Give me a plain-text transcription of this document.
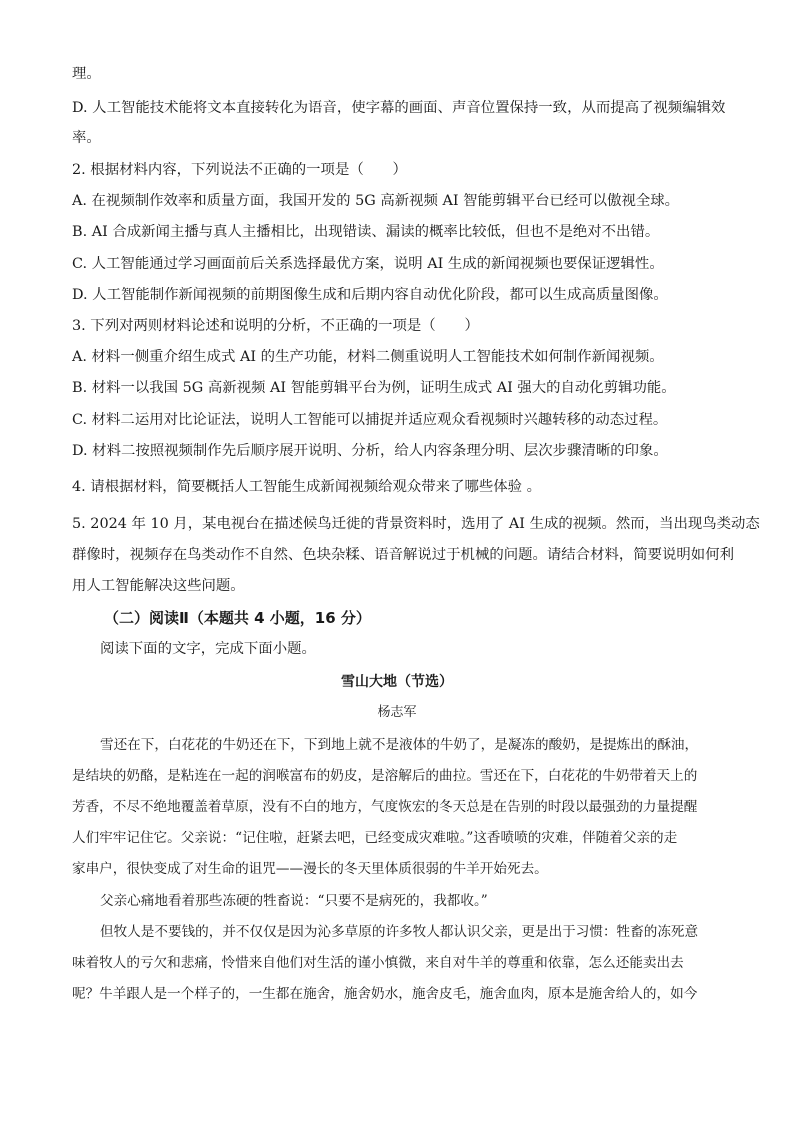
理。
D. 人工智能技术能将文本直接转化为语音，使字幕的画面、声音位置保持一致，从而提高了视频编辑效
率。
2. 根据材料内容，下列说法不正确的一项是（　　）
A. 在视频制作效率和质量方面，我国开发的 5G 高新视频 AI 智能剪辑平台已经可以傲视全球。
B. AI 合成新闻主播与真人主播相比，出现错读、漏读的概率比较低，但也不是绝对不出错。
C. 人工智能通过学习画面前后关系选择最优方案，说明 AI 生成的新闻视频也要保证逻辑性。
D. 人工智能制作新闻视频的前期图像生成和后期内容自动优化阶段，都可以生成高质量图像。
3. 下列对两则材料论述和说明的分析，不正确的一项是（　　）
A. 材料一侧重介绍生成式 AI 的生产功能，材料二侧重说明人工智能技术如何制作新闻视频。
B. 材料一以我国 5G 高新视频 AI 智能剪辑平台为例，证明生成式 AI 强大的自动化剪辑功能。
C. 材料二运用对比论证法，说明人工智能可以捕捉并适应观众看视频时兴趣转移的动态过程。
D. 材料二按照视频制作先后顺序展开说明、分析，给人内容条理分明、层次步骤清晰的印象。
4. 请根据材料，简要概括人工智能生成新闻视频给观众带来了哪些体验 。
5. 2024 年 10 月，某电视台在描述候鸟迁徙的背景资料时，选用了 AI 生成的视频。然而，当出现鸟类动态
群像时，视频存在鸟类动作不自然、色块杂糅、语音解说过于机械的问题。请结合材料，简要说明如何利
用人工智能解决这些问题。
（二）阅读Ⅱ（本题共 4 小题，16 分）
阅读下面的文字，完成下面小题。
雪山大地（节选）
杨志军
雪还在下，白花花的牛奶还在下，下到地上就不是液体的牛奶了，是凝冻的酸奶，是提炼出的酥油，
是结块的奶酪，是粘连在一起的润喉富布的奶皮，是溶解后的曲拉。雪还在下，白花花的牛奶带着天上的
芳香，不尽不绝地覆盖着草原，没有不白的地方，气度恢宏的冬天总是在告别的时段以最强劲的力量提醒
人们牢牢记住它。父亲说：“记住啦，赶紧去吧，已经变成灾难啦。”这香喷喷的灾难，伴随着父亲的走
家串户，很快变成了对生命的诅咒——漫长的冬天里体质很弱的牛羊开始死去。
父亲心痛地看着那些冻硬的牲畜说：“只要不是病死的，我都收。”
但牧人是不要钱的，并不仅仅是因为沁多草原的许多牧人都认识父亲，更是出于习惯：牲畜的冻死意
味着牧人的亏欠和悲痛，怜惜来自他们对生活的谨小慎微，来自对牛羊的尊重和依靠，怎么还能卖出去
呢？牛羊跟人是一个样子的，一生都在施舍，施舍奶水，施舍皮毛，施舍血肉，原本是施舍给人的，如今
